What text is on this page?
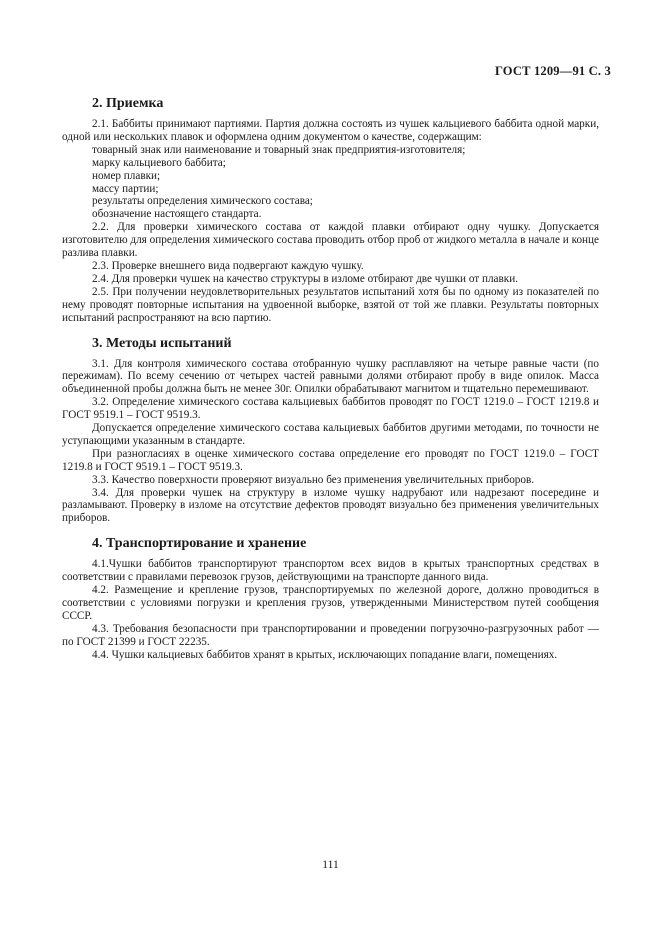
ГОСТ 1209—91 С. 3
2. Приемка

2.1. Баббиты принимают партиями. Партия должна состоять из чушек кальциевого баббита одной марки, одной или нескольких плавок и оформлена одним документом о качестве, содержащим:

товарный знак или наименование и товарный знак предприятия-изготовителя;

марку кальциевого баббита;

номер плавки;

массу партии;

результаты определения химического состава;

обозначение настоящего стандарта.

2.2. Для проверки химического состава от каждой плавки отбирают одну чушку. Допускается изготовителю для определения химического состава проводить отбор проб от жидкого металла в начале и конце разлива плавки.

2.3. Проверке внешнего вида подвергают каждую чушку.

2.4. Для проверки чушек на качество структуры в изломе отбирают две чушки от плавки.

2.5. При получении неудовлетворительных результатов испытаний хотя бы по одному из показателей по нему проводят повторные испытания на удвоенной выборке, взятой от той же плавки. Результаты повторных испытаний распространяют на всю партию.

3. Методы испытаний

3.1. Для контроля химического состава отобранную чушку расплавляют на четыре равные части (по пережимам). По всему сечению от четырех частей равными долями отбирают пробу в виде опилок. Масса объединенной пробы должна быть не менее 30г. Опилки обрабатывают магнитом и тщательно перемешивают.

3.2. Определение химического состава кальциевых баббитов проводят по ГОСТ 1219.0 – ГОСТ 1219.8 и ГОСТ 9519.1 – ГОСТ 9519.3.

Допускается определение химического состава кальциевых баббитов другими методами, по точности не уступающими указанным в стандарте.

При разногласиях в оценке химического состава определение его проводят по ГОСТ 1219.0 – ГОСТ 1219.8 и ГОСТ 9519.1 – ГОСТ 9519.3.

3.3. Качество поверхности проверяют визуально без применения увеличительных приборов.

3.4. Для проверки чушек на структуру в изломе чушку надрубают или надрезают посередине и разламывают. Проверку в изломе на отсутствие дефектов проводят визуально без применения увеличительных приборов.

4. Транспортирование и хранение

4.1.Чушки баббитов транспортируют транспортом всех видов в крытых транспортных средствах в соответствии с правилами перевозок грузов, действующими на транспорте данного вида.

4.2. Размещение и крепление грузов, транспортируемых по железной дороге, должно проводиться в соответствии с условиями погрузки и крепления грузов, утвержденными Министерством путей сообщения СССР.

4.3. Требования безопасности при транспортировании и проведении погрузочно-разгрузочных работ — по ГОСТ 21399 и ГОСТ 22235.

4.4. Чушки кальциевых баббитов хранят в крытых, исключающих попадание влаги, помещениях.

111
